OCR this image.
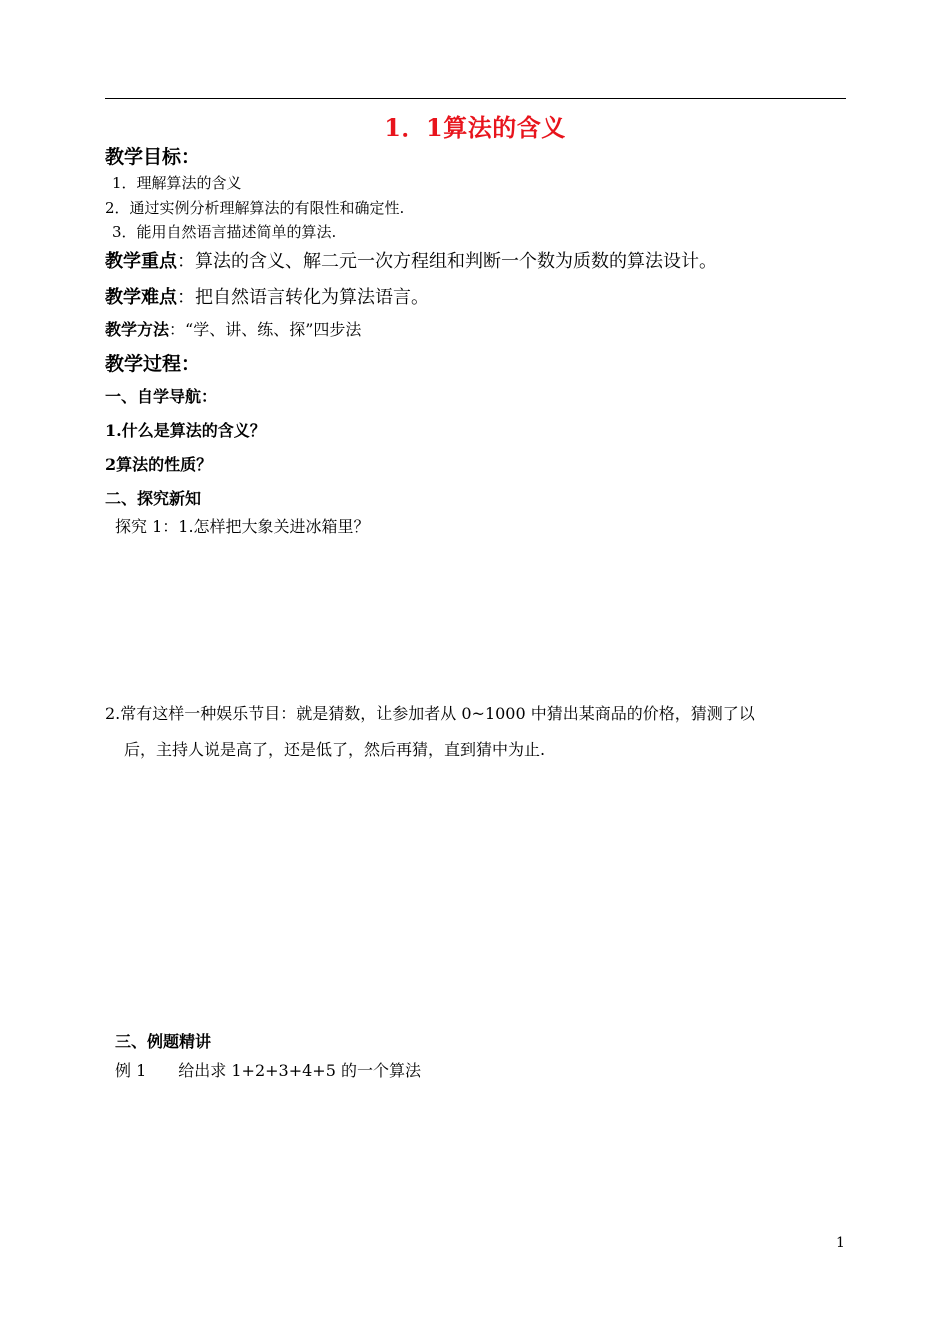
1．1算法的含义
教学目标：
1．理解算法的含义
2．通过实例分析理解算法的有限性和确定性.
3．能用自然语言描述简单的算法.
教学重点：算法的含义、解二元一次方程组和判断一个数为质数的算法设计。
教学难点：把自然语言转化为算法语言。
教学方法：“学、讲、练、探”四步法
教学过程：
一、自学导航：
1.什么是算法的含义？
2算法的性质？
二、探究新知
探究 1：1.怎样把大象关进冰箱里？
2.常有这样一种娱乐节目：就是猜数，让参加者从 0~1000 中猜出某商品的价格，猜测了以
后，主持人说是高了，还是低了，然后再猜，直到猜中为止.
三、例题精讲
例 1　　给出求 1+2+3+4+5 的一个算法
1
